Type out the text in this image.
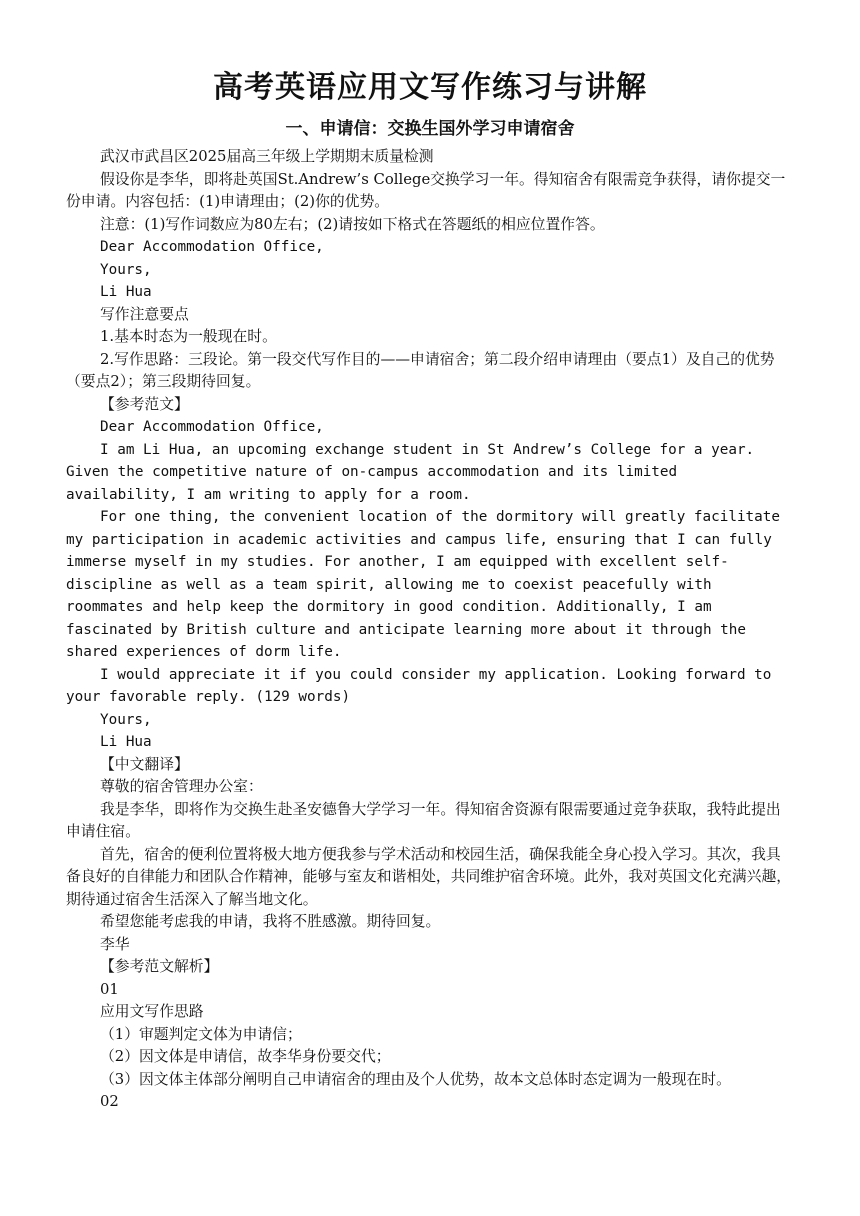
高考英语应用文写作练习与讲解
一、申请信：交换生国外学习申请宿舍

武汉市武昌区2025届高三年级上学期期末质量检测

假设你是李华，即将赴英国St.Andrew’s College交换学习一年。得知宿舍有限需竞争获得，请你提交一份申请。内容包括：(1)申请理由；(2)你的优势。

注意：(1)写作词数应为80左右；(2)请按如下格式在答题纸的相应位置作答。

Dear Accommodation Office,

Yours,

Li Hua

写作注意要点

1.基本时态为一般现在时。

2.写作思路：三段论。第一段交代写作目的——申请宿舍；第二段介绍申请理由（要点1）及自己的优势（要点2）；第三段期待回复。

【参考范文】

Dear Accommodation Office,

I am Li Hua, an upcoming exchange student in St Andrew’s College for a year. Given the competitive nature of on-campus accommodation and its limited availability, I am writing to apply for a room.

For one thing, the convenient location of the dormitory will greatly facilitate my participation in academic activities and campus life, ensuring that I can fully immerse myself in my studies. For another, I am equipped with excellent self-discipline as well as a team spirit, allowing me to coexist peacefully with roommates and help keep the dormitory in good condition. Additionally, I am fascinated by British culture and anticipate learning more about it through the shared experiences of dorm life.

I would appreciate it if you could consider my application. Looking forward to your favorable reply. (129 words)

Yours,

Li Hua

【中文翻译】

尊敬的宿舍管理办公室：

我是李华，即将作为交换生赴圣安德鲁大学学习一年。得知宿舍资源有限需要通过竞争获取，我特此提出申请住宿。

首先，宿舍的便利位置将极大地方便我参与学术活动和校园生活，确保我能全身心投入学习。其次，我具备良好的自律能力和团队合作精神，能够与室友和谐相处，共同维护宿舍环境。此外，我对英国文化充满兴趣，期待通过宿舍生活深入了解当地文化。

希望您能考虑我的申请，我将不胜感激。期待回复。

李华

【参考范文解析】

01

应用文写作思路

（1）审题判定文体为申请信；

（2）因文体是申请信，故李华身份要交代；

（3）因文体主体部分阐明自己申请宿舍的理由及个人优势，故本文总体时态定调为一般现在时。

02
